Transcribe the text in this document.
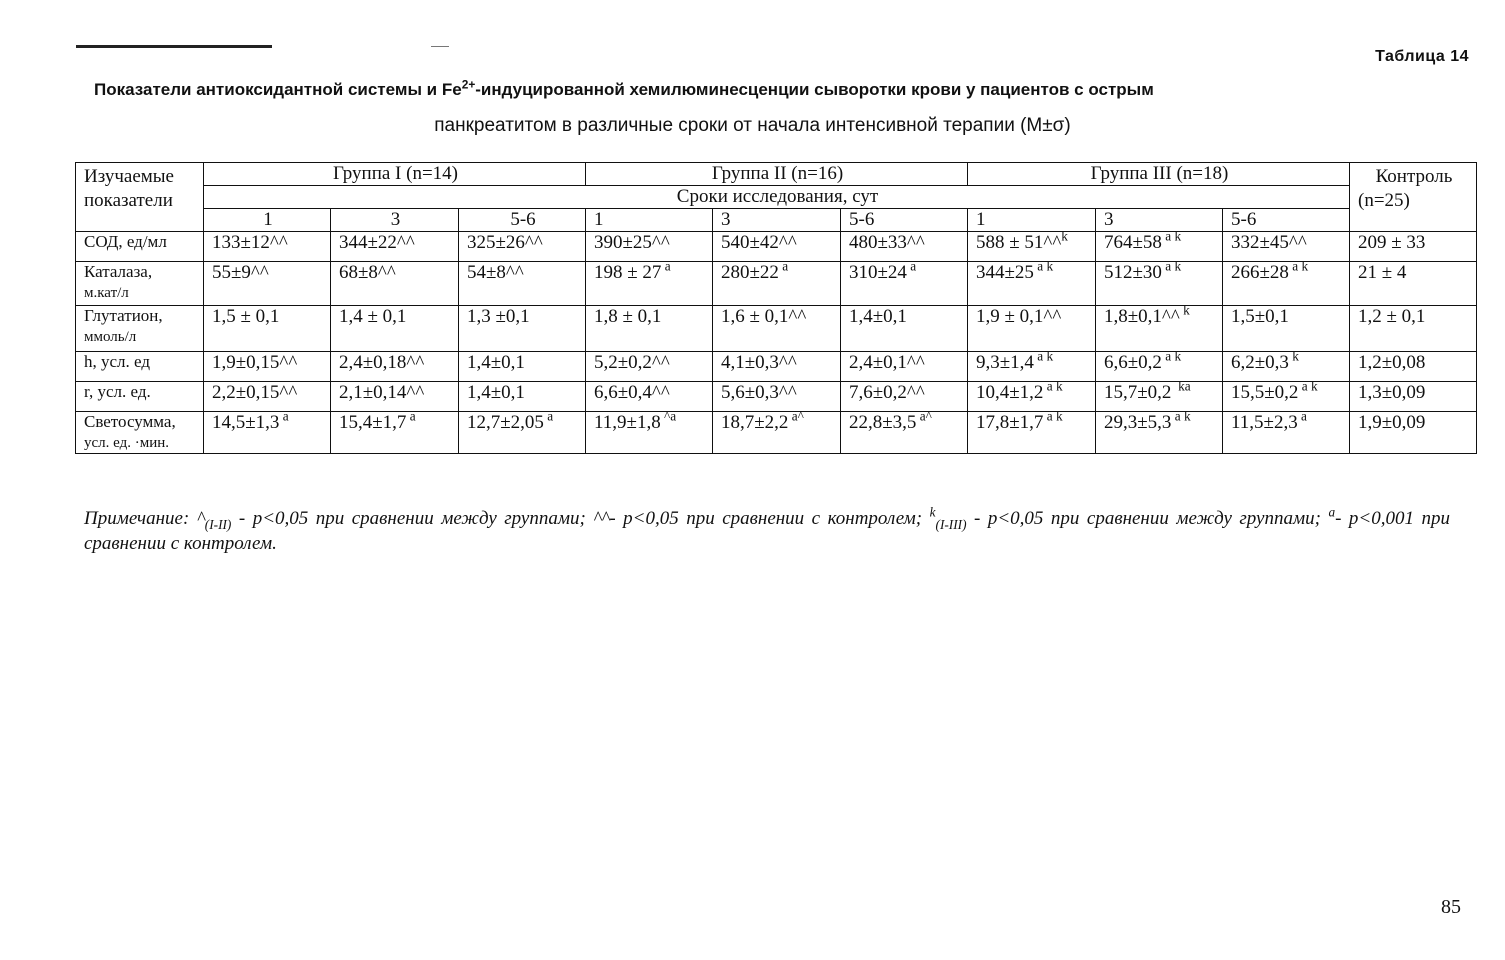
Таблица 14
Показатели антиоксидантной системы и $Fe^{2+}$-индуцированной хемилюминесценции сыворотки крови у пациентов с острым
панкреатитом в различные сроки от начала интенсивной терапии (M±σ)
Изучаемые
показатели	Группа I (n=14)			Группа II (n=16)			Группа III (n=18)			Контроль
(n=25)
	Сроки исследования, сут									
	1	3	5-6	1	3	5-6	1	3	5-6	
СОД, ед/мл	133±12^^	344±22^^	325±26^^	390±25^^	540±42^^	480±33^^	588 ± 51^^$^k$	764±58 $^{a k}$	332±45^^	209 ± 33
Каталаза,
м.кат/л	55±9^^	68±8^^	54±8^^	198 ± 27 $^a$	280±22 $^a$	310±24 $^a$	344±25 $^{a k}$	512±30 $^{a k}$	266±28 $^{a k}$	21 ± 4
Глутатион,
ммоль/л	1,5 ± 0,1	1,4 ± 0,1	1,3 ±0,1	1,8 ± 0,1	1,6 ± 0,1^^	1,4±0,1	1,9 ± 0,1^^	1,8±0,1^^ $^k$	1,5±0,1	1,2 ± 0,1
h, усл. ед	1,9±0,15^^	2,4±0,18^^	1,4±0,1	5,2±0,2^^	4,1±0,3^^	2,4±0,1^^	9,3±1,4 $^{a k}$	6,6±0,2 $^{a k}$	6,2±0,3 $^k$	1,2±0,08
r, усл. ед.	2,2±0,15^^	2,1±0,14^^	1,4±0,1	6,6±0,4^^	5,6±0,3^^	7,6±0,2^^	10,4±1,2 $^{a k}$	15,7±0,2  $^{ka}$	15,5±0,2 $^{a k}$	1,3±0,09
Светосумма,
усл. ед. ·мин.	14,5±1,3 $^a$	15,4±1,7 $^a$	12,7±2,05 $^a$	11,9±1,8 $^{\^{}a}$	18,7±2,2 $^{a\^{}}$	22,8±3,5 $^{a\^{}}$	17,8±1,7 $^{a k}$	29,3±5,3 $^{a k}$	11,5±2,3 $^a$	1,9±0,09
Примечание: $\^{}_{(I-II)} - p<0,05$ при сравнении между группами; ^^- p<0,05 при сравнении с контролем; $^k_{(I-III)}$ - p<0,05 при сравнении между группами; $^a$- p<0,001 при сравнении с контролем.
85
